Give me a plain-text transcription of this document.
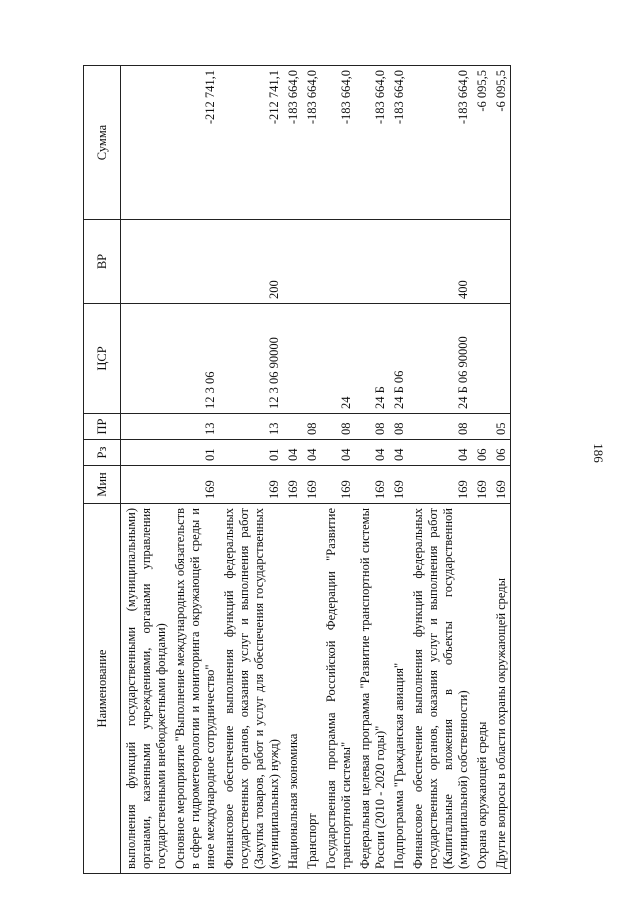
186
Наименование	Мин	Рз	ПР	ЦСР	ВР	Сумма
выполнения функций государственными (муниципальными) органами, казенными учреждениями, органами управления государственными внебюджетными фондами)						
Основное мероприятие "Выполнение международных обязательств в сфере гидрометеорологии и мониторинга окружающей среды и иное международное сотрудничество"	169	01	13	12 3 06		-212 741,1
Финансовое обеспечение выполнения функций федеральных государственных органов, оказания услуг и выполнения работ (Закупка товаров, работ и услуг для обеспечения государственных (муниципальных) нужд)	169	01	13	12 3 06 90000	200	-212 741,1
Национальная экономика	169	04				-183 664,0
Транспорт	169	04	08			-183 664,0
Государственная программа Российской Федерации "Развитие транспортной системы"	169	04	08	24		-183 664,0
Федеральная целевая программа "Развитие транспортной системы России (2010 - 2020 годы)"	169	04	08	24 Б		-183 664,0
Подпрограмма "Гражданская авиация"	169	04	08	24 Б 06		-183 664,0
Финансовое обеспечение выполнения функций федеральных государственных органов, оказания услуг и выполнения работ (Капитальные вложения в объекты государственной (муниципальной) собственности)	169	04	08	24 Б 06 90000	400	-183 664,0
Охрана окружающей среды	169	06				-6 095,5
Другие вопросы в области охраны окружающей среды	169	06	05			-6 095,5
